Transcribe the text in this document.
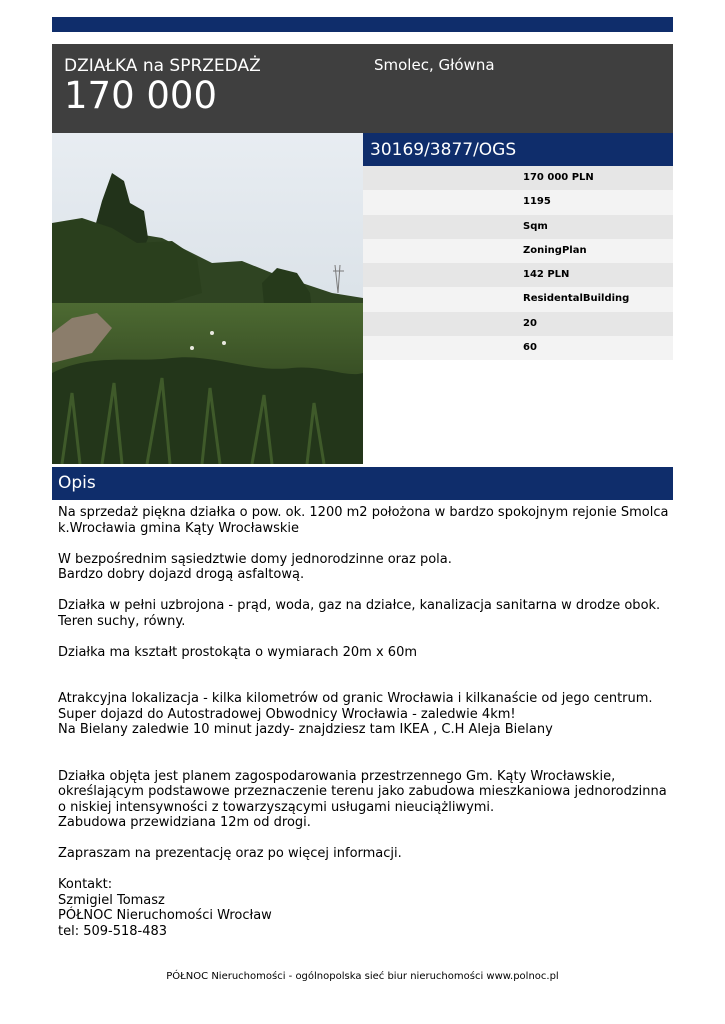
DZIAŁKA na SPRZEDAŻ
170 000
Smolec, Główna
30169/3877/OGS
170 000 PLN
1195
Sqm
ZoningPlan
142 PLN
ResidentalBuilding
20
60
Opis

Na sprzedaż piękna działka o pow. ok. 1200 m2 położona w bardzo spokojnym rejonie Smolca k.Wrocławia gmina Kąty Wrocławskie

W bezpośrednim sąsiedztwie domy jednorodzinne oraz pola.

Bardzo dobry dojazd drogą asfaltową.

Działka w pełni uzbrojona - prąd, woda, gaz na działce, kanalizacja sanitarna w drodze obok. Teren suchy, równy.

Działka ma kształt prostokąta o wymiarach 20m x 60m

Atrakcyjna lokalizacja - kilka kilometrów od granic Wrocławia i kilkanaście od jego centrum.

Super dojazd do Autostradowej Obwodnicy Wrocławia - zaledwie 4km!

Na Bielany zaledwie 10 minut jazdy- znajdziesz tam IKEA , C.H Aleja Bielany

Działka objęta jest planem zagospodarowania przestrzennego Gm. Kąty Wrocławskie, określającym podstawowe przeznaczenie terenu jako zabudowa mieszkaniowa jednorodzinna o niskiej intensywności z towarzyszącymi usługami nieuciążliwymi.

Zabudowa przewidziana 12m od drogi.

Zapraszam na prezentację oraz po więcej informacji.

Kontakt:

Szmigiel Tomasz

PÓŁNOC Nieruchomości Wrocław

tel: 509-518-483

PÓŁNOC Nieruchomości - ogólnopolska sieć biur nieruchomości www.polnoc.pl
